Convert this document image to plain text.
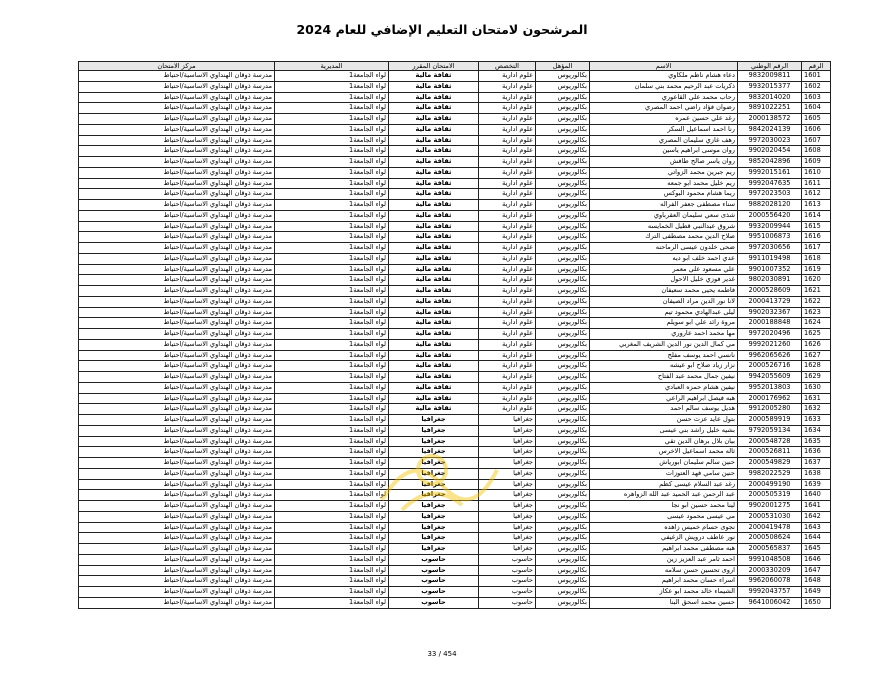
المرشحون لامتحان التعليم الإضافي للعام 2024
الرقم	الرقم الوطني	الاسم	المؤهل	التخصص	الامتحان المقرر	المديرية	مركز الامتحان
1601	9832009811	دعاء هشام ناظم ملكاوي	بكالوريوس	علوم ادارية	ثقافة مالية	لواء الجامعة1	مدرسة ذوقان الهنداوي الاساسية/احتياط
1602	9932015377	ذكريات عبد الرحيم محمد بني سلمان	بكالوريوس	علوم ادارية	ثقافة مالية	لواء الجامعة1	مدرسة ذوقان الهنداوي الاساسية/احتياط
1603	9832014020	رحاب محمد علي القاعوري	بكالوريوس	علوم ادارية	ثقافة مالية	لواء الجامعة1	مدرسة ذوقان الهنداوي الاساسية/احتياط
1604	9891022251	رضوان فؤاد راضي احمد المصري	بكالوريوس	علوم ادارية	ثقافة مالية	لواء الجامعة1	مدرسة ذوقان الهنداوي الاساسية/احتياط
1605	2000138572	رغد علي حسين عمره	بكالوريوس	علوم ادارية	ثقافة مالية	لواء الجامعة1	مدرسة ذوقان الهنداوي الاساسية/احتياط
1606	9842024139	رنا احمد اسماعيل السكر	بكالوريوس	علوم ادارية	ثقافة مالية	لواء الجامعة1	مدرسة ذوقان الهنداوي الاساسية/احتياط
1607	9972030023	رهف غازي سليمان المصري	بكالوريوس	علوم ادارية	ثقافة مالية	لواء الجامعة1	مدرسة ذوقان الهنداوي الاساسية/احتياط
1608	9902020454	روان موسى ابراهيم ياسين	بكالوريوس	علوم ادارية	ثقافة مالية	لواء الجامعة1	مدرسة ذوقان الهنداوي الاساسية/احتياط
1609	9852042896	روان ياسر صالح طافش	بكالوريوس	علوم ادارية	ثقافة مالية	لواء الجامعة1	مدرسة ذوقان الهنداوي الاساسية/احتياط
1610	9992015161	ريم جبرين محمد الزواتي	بكالوريوس	علوم ادارية	ثقافة مالية	لواء الجامعة1	مدرسة ذوقان الهنداوي الاساسية/احتياط
1611	9992047635	ريم خليل محمد ابو جمعه	بكالوريوس	علوم ادارية	ثقافة مالية	لواء الجامعة1	مدرسة ذوقان الهنداوي الاساسية/احتياط
1612	9972023503	ريما هشام محمود البوكس	بكالوريوس	علوم ادارية	ثقافة مالية	لواء الجامعة1	مدرسة ذوقان الهنداوي الاساسية/احتياط
1613	9882028120	سناء مصطفى جعفر الفراله	بكالوريوس	علوم ادارية	ثقافة مالية	لواء الجامعة1	مدرسة ذوقان الهنداوي الاساسية/احتياط
1614	2000556420	شذى سعي سليمان العقرباوي	بكالوريوس	علوم ادارية	ثقافة مالية	لواء الجامعة1	مدرسة ذوقان الهنداوي الاساسية/احتياط
1615	9932009944	شروق عبدالنبي قطيل الخمايسه	بكالوريوس	علوم ادارية	ثقافة مالية	لواء الجامعة1	مدرسة ذوقان الهنداوي الاساسية/احتياط
1616	9951006873	صلاح الدين محمد مصطفى الترك	بكالوريوس	علوم ادارية	ثقافة مالية	لواء الجامعة1	مدرسة ذوقان الهنداوي الاساسية/احتياط
1617	9972030656	ضحى خلدون عيسى الرماحنه	بكالوريوس	علوم ادارية	ثقافة مالية	لواء الجامعة1	مدرسة ذوقان الهنداوي الاساسية/احتياط
1618	9911019498	عدي احمد خلف ابو ديه	بكالوريوس	علوم ادارية	ثقافة مالية	لواء الجامعة1	مدرسة ذوقان الهنداوي الاساسية/احتياط
1619	9901007352	علي مسعود علي معمر	بكالوريوس	علوم ادارية	ثقافة مالية	لواء الجامعة1	مدرسة ذوقان الهنداوي الاساسية/احتياط
1620	9802030891	غدير فوزي خليل الاحول	بكالوريوس	علوم ادارية	ثقافة مالية	لواء الجامعة1	مدرسة ذوقان الهنداوي الاساسية/احتياط
1621	2000528609	فاطمه يحيى محمد سعيفان	بكالوريوس	علوم ادارية	ثقافة مالية	لواء الجامعة1	مدرسة ذوقان الهنداوي الاساسية/احتياط
1622	2000413729	لانا نور الدين مراد الصيفان	بكالوريوس	علوم ادارية	ثقافة مالية	لواء الجامعة1	مدرسة ذوقان الهنداوي الاساسية/احتياط
1623	9902032367	ليلى عبدالهادي محمود تيم	بكالوريوس	علوم ادارية	ثقافة مالية	لواء الجامعة1	مدرسة ذوقان الهنداوي الاساسية/احتياط
1624	2000188848	مروة رائد علي ابو سويلم	بكالوريوس	علوم ادارية	ثقافة مالية	لواء الجامعة1	مدرسة ذوقان الهنداوي الاساسية/احتياط
1625	9972020496	مها محمد احمد عاروري	بكالوريوس	علوم ادارية	ثقافة مالية	لواء الجامعة1	مدرسة ذوقان الهنداوي الاساسية/احتياط
1626	9992021260	مي كمال الدين نور الدين الشريف المغربي	بكالوريوس	علوم ادارية	ثقافة مالية	لواء الجامعة1	مدرسة ذوقان الهنداوي الاساسية/احتياط
1627	9962065626	نانسي احمد يوسف مفلح	بكالوريوس	علوم ادارية	ثقافة مالية	لواء الجامعة1	مدرسة ذوقان الهنداوي الاساسية/احتياط
1628	2000526716	نزار زياد صلاح ابو عيشه	بكالوريوس	علوم ادارية	ثقافة مالية	لواء الجامعة1	مدرسة ذوقان الهنداوي الاساسية/احتياط
1629	9942055609	نيفين جمال محمد عبد الفتاح	بكالوريوس	علوم ادارية	ثقافة مالية	لواء الجامعة1	مدرسة ذوقان الهنداوي الاساسية/احتياط
1630	9952013803	نيفين هشام حمزه العبادي	بكالوريوس	علوم ادارية	ثقافة مالية	لواء الجامعة1	مدرسة ذوقان الهنداوي الاساسية/احتياط
1631	2000176962	هبه فيصل ابراهيم الراعي	بكالوريوس	علوم ادارية	ثقافة مالية	لواء الجامعة1	مدرسة ذوقان الهنداوي الاساسية/احتياط
1632	9912005280	هديل يوسف سالم احمد	بكالوريوس	علوم ادارية	ثقافة مالية	لواء الجامعة1	مدرسة ذوقان الهنداوي الاساسية/احتياط
1633	2000589919	بتول عايد عزت حسن	بكالوريوس	جغرافيا	جغرافيا	لواء الجامعة1	مدرسة ذوقان الهنداوي الاساسية/احتياط
1634	9792059134	بشيه خليل راشد بني عيسى	بكالوريوس	جغرافيا	جغرافيا	لواء الجامعة1	مدرسة ذوقان الهنداوي الاساسية/احتياط
1635	2000548728	بيان بلال برهان الدين تقي	بكالوريوس	جغرافيا	جغرافيا	لواء الجامعة1	مدرسة ذوقان الهنداوي الاساسية/احتياط
1636	2000526811	ثاله محمد اسماعيل الاخرس	بكالوريوس	جغرافيا	جغرافيا	لواء الجامعة1	مدرسة ذوقان الهنداوي الاساسية/احتياط
1637	2000549829	حنين سالم سليمان ابورياش	بكالوريوس	جغرافيا	جغرافيا	لواء الجامعة1	مدرسة ذوقان الهنداوي الاساسية/احتياط
1638	9982022529	حنين سامي فهد العتوزات	بكالوريوس	جغرافيا	جغرافيا	لواء الجامعة1	مدرسة ذوقان الهنداوي الاساسية/احتياط
1639	2000499190	رغد عبد السلام عيسى كظم	بكالوريوس	جغرافيا	جغرافيا	لواء الجامعة1	مدرسة ذوقان الهنداوي الاساسية/احتياط
1640	2000505319	عبد الرحمن عبد الحميد عبد الله الزواهره	بكالوريوس	جغرافيا	جغرافيا	لواء الجامعة1	مدرسة ذوقان الهنداوي الاساسية/احتياط
1641	9902001275	لينا محمد حسين ابو نجا	بكالوريوس	جغرافيا	جغرافيا	لواء الجامعة1	مدرسة ذوقان الهنداوي الاساسية/احتياط
1642	2000531030	مي عيسى محمود عيسى	بكالوريوس	جغرافيا	جغرافيا	لواء الجامعة1	مدرسة ذوقان الهنداوي الاساسية/احتياط
1643	2000419478	نجوى حسام خميس زاهده	بكالوريوس	جغرافيا	جغرافيا	لواء الجامعة1	مدرسة ذوقان الهنداوي الاساسية/احتياط
1644	2000508624	نور عاطف درويش الزغيفي	بكالوريوس	جغرافيا	جغرافيا	لواء الجامعة1	مدرسة ذوقان الهنداوي الاساسية/احتياط
1645	2000565837	هبه مصطفى محمد ابراهيم	بكالوريوس	جغرافيا	جغرافيا	لواء الجامعة1	مدرسة ذوقان الهنداوي الاساسية/احتياط
1646	9991048508	احمد ثامر عبد العزيز زين	بكالوريوس	حاسوب	حاسوب	لواء الجامعة1	مدرسة ذوقان الهنداوي الاساسية/احتياط
1647	2000330209	اروى تحسين حسن سلامه	بكالوريوس	حاسوب	حاسوب	لواء الجامعة1	مدرسة ذوقان الهنداوي الاساسية/احتياط
1648	9962060078	اسراء حسان محمد ابراهيم	بكالوريوس	حاسوب	حاسوب	لواء الجامعة1	مدرسة ذوقان الهنداوي الاساسية/احتياط
1649	9992043757	الشيماء خالد محمد ابو عكاز	بكالوريوس	حاسوب	حاسوب	لواء الجامعة1	مدرسة ذوقان الهنداوي الاساسية/احتياط
1650	9641006042	حسين محمد اسحق البنا	بكالوريوس	حاسوب	حاسوب	لواء الجامعة1	مدرسة ذوقان الهنداوي الاساسية/احتياط
33 / 454
